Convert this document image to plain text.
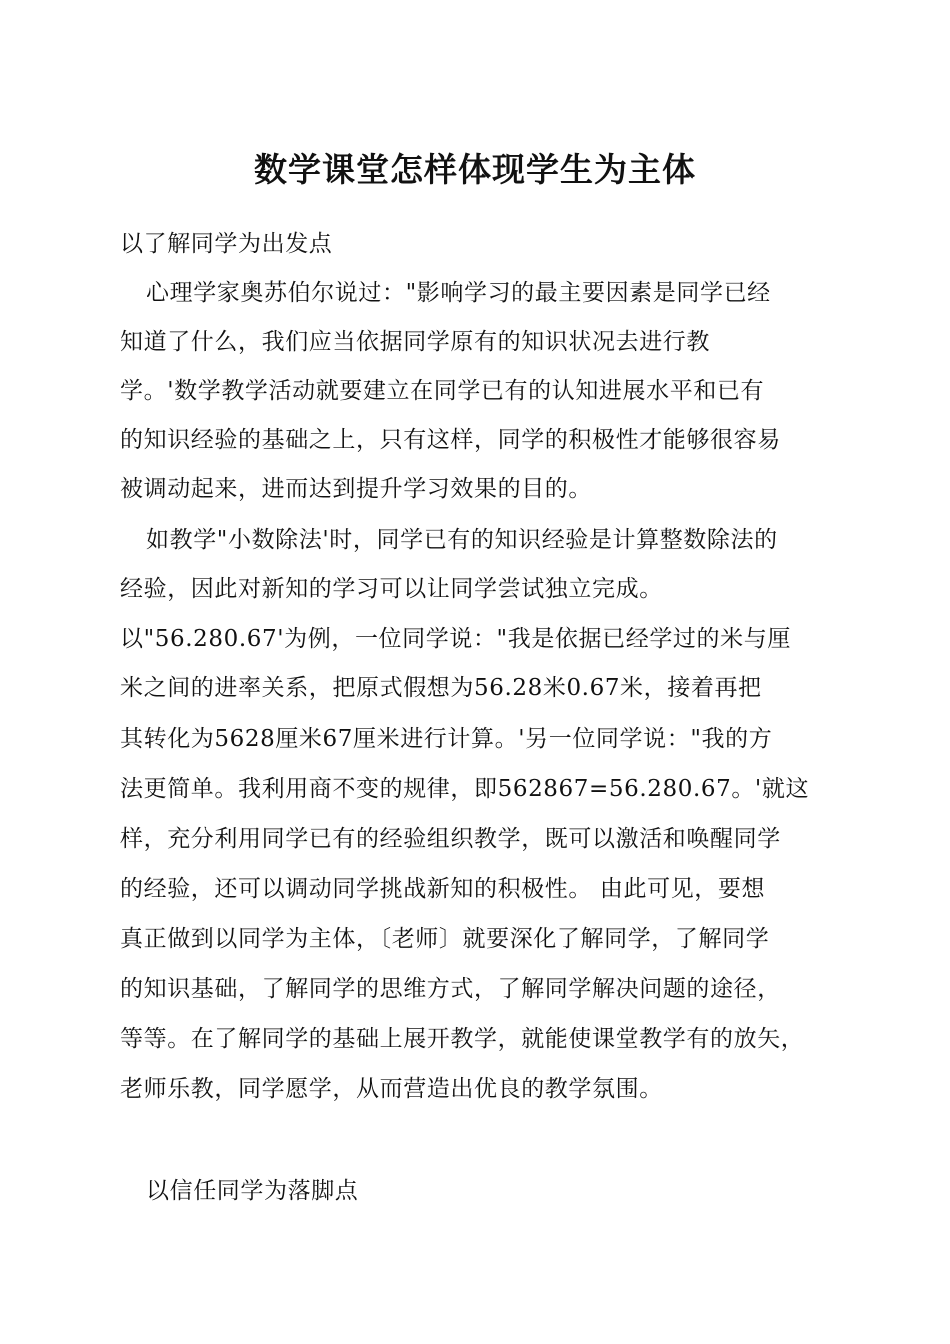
数学课堂怎样体现学生为主体
以了解同学为出发点
心理学家奥苏伯尔说过："影响学习的最主要因素是同学已经
知道了什么，我们应当依据同学原有的知识状况去进行教
学。'数学教学活动就要建立在同学已有的认知进展水平和已有
的知识经验的基础之上，只有这样，同学的积极性才能够很容易
被调动起来，进而达到提升学习效果的目的。
如教学"小数除法'时，同学已有的知识经验是计算整数除法的
经验，因此对新知的学习可以让同学尝试独立完成。
以"56.280.67'为例，一位同学说："我是依据已经学过的米与厘
米之间的进率关系，把原式假想为56.28米0.67米，接着再把
其转化为5628厘米67厘米进行计算。'另一位同学说："我的方
法更简单。我利用商不变的规律，即562867=56.280.67。'就这
样，充分利用同学已有的经验组织教学，既可以激活和唤醒同学
的经验，还可以调动同学挑战新知的积极性。 由此可见，要想
真正做到以同学为主体，〔老师〕就要深化了解同学，了解同学
的知识基础，了解同学的思维方式，了解同学解决问题的途径，
等等。在了解同学的基础上展开教学，就能使课堂教学有的放矢，
老师乐教，同学愿学，从而营造出优良的教学氛围。
以信任同学为落脚点
